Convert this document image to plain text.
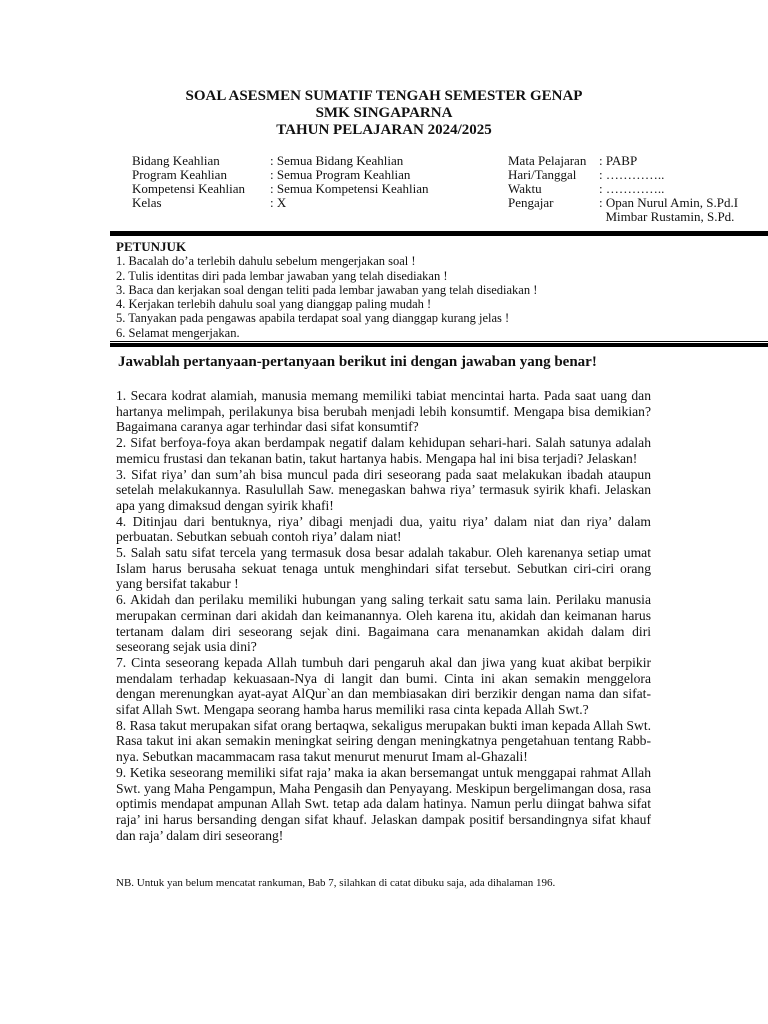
SOAL ASESMEN SUMATIF TENGAH SEMESTER GENAP
SMK SINGAPARNA
TAHUN PELAJARAN 2024/2025
Bidang Keahlian
Program Keahlian
Kompetensi Keahlian
Kelas
: Semua Bidang Keahlian
: Semua Program Keahlian
: Semua Kompetensi Keahlian
: X
Mata Pelajaran
Hari/Tanggal
Waktu
Pengajar
: PABP
: …………..
: …………..
: Opan Nurul Amin, S.Pd.I
Mimbar Rustamin, S.Pd.
PETUNJUK
1. Bacalah do’a terlebih dahulu sebelum mengerjakan soal !
2. Tulis identitas diri pada lembar jawaban yang telah disediakan !
3. Baca dan kerjakan soal dengan teliti pada lembar jawaban yang telah disediakan !
4. Kerjakan terlebih dahulu soal yang dianggap paling mudah !
5. Tanyakan pada pengawas apabila terdapat soal yang dianggap kurang jelas !
6. Selamat mengerjakan.
Jawablah pertanyaan-pertanyaan berikut ini dengan jawaban yang benar!

1. Secara kodrat alamiah, manusia memang memiliki tabiat mencintai harta. Pada saat uang dan hartanya melimpah, perilakunya bisa berubah menjadi lebih konsumtif. Mengapa bisa demikian? Bagaimana caranya agar terhindar dasi sifat konsumtif?

2. Sifat berfoya-foya akan berdampak negatif dalam kehidupan sehari-hari. Salah satunya adalah memicu frustasi dan tekanan batin, takut hartanya habis. Mengapa hal ini bisa terjadi? Jelaskan!

3. Sifat riya’ dan sum’ah bisa muncul pada diri seseorang pada saat melakukan ibadah ataupun setelah melakukannya. Rasulullah Saw. menegaskan bahwa riya’ termasuk syirik khafi. Jelaskan apa yang dimaksud dengan syirik khafi!

4. Ditinjau dari bentuknya, riya’ dibagi menjadi dua, yaitu riya’ dalam niat dan riya’ dalam perbuatan. Sebutkan sebuah contoh riya’ dalam niat!

5. Salah satu sifat tercela yang termasuk dosa besar adalah takabur. Oleh karenanya setiap umat Islam harus berusaha sekuat tenaga untuk menghindari sifat tersebut. Sebutkan ciri-ciri orang yang bersifat takabur !

6. Akidah dan perilaku memiliki hubungan yang saling terkait satu sama lain. Perilaku manusia merupakan cerminan dari akidah dan keimanannya. Oleh karena itu, akidah dan keimanan harus tertanam dalam diri seseorang sejak dini. Bagaimana cara menanamkan akidah dalam diri seseorang sejak usia dini?

7. Cinta seseorang kepada Allah tumbuh dari pengaruh akal dan jiwa yang kuat akibat berpikir mendalam terhadap kekuasaan-Nya di langit dan bumi. Cinta ini akan semakin menggelora dengan merenungkan ayat-ayat AlQur`an dan membiasakan diri berzikir dengan nama dan sifat-sifat Allah Swt. Mengapa seorang hamba harus memiliki rasa cinta kepada Allah Swt.?

8. Rasa takut merupakan sifat orang bertaqwa, sekaligus merupakan bukti iman kepada Allah Swt. Rasa takut ini akan semakin meningkat seiring dengan meningkatnya pengetahuan tentang Rabb-nya. Sebutkan macammacam rasa takut menurut menurut Imam al-Ghazali!

9. Ketika seseorang memiliki sifat raja’ maka ia akan bersemangat untuk menggapai rahmat Allah Swt. yang Maha Pengampun, Maha Pengasih dan Penyayang. Meskipun bergelimangan dosa, rasa optimis mendapat ampunan Allah Swt. tetap ada dalam hatinya. Namun perlu diingat bahwa sifat raja’ ini harus bersanding dengan sifat khauf. Jelaskan dampak positif bersandingnya sifat khauf dan raja’ dalam diri seseorang!

NB. Untuk yan belum mencatat rankuman, Bab 7, silahkan di catat dibuku saja, ada dihalaman 196.
